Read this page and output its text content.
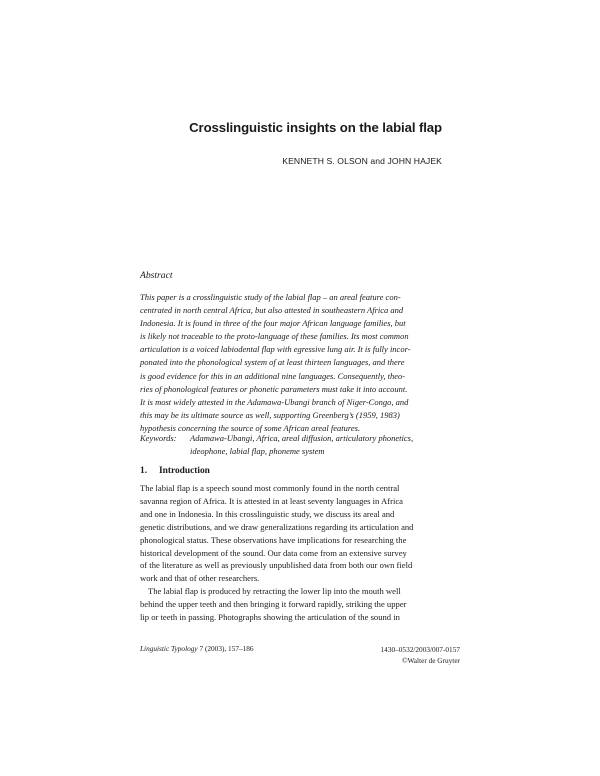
Crosslinguistic insights on the labial flap
KENNETH S. OLSON and JOHN HAJEK
Abstract
This paper is a crosslinguistic study of the labial flap – an areal feature con-
centrated in north central Africa, but also attested in southeastern Africa and
Indonesia. It is found in three of the four major African language families, but
is likely not traceable to the proto-language of these families. Its most common
articulation is a voiced labiodental flap with egressive lung air. It is fully incor-
ponated into the phonological system of at least thirteen languages, and there
is good evidence for this in an additional nine languages. Consequently, theo-
ries of phonological features or phonetic parameters must take it into account.
It is most widely attested in the Adamawa-Ubangi branch of Niger-Congo, and
this may be its ultimate source as well, supporting Greenberg’s (1959, 1983)
hypothesis concerning the source of some African areal features.
Keywords: Adamawa-Ubangi, Africa, areal diffusion, articulatory phonetics,
ideophone, labial flap, phoneme system
1. Introduction
The labial flap is a speech sound most commonly found in the north central
savanna region of Africa. It is attested in at least seventy languages in Africa
and one in Indonesia. In this crosslinguistic study, we discuss its areal and
genetic distributions, and we draw generalizations regarding its articulation and
phonological status. These observations have implications for researching the
historical development of the sound. Our data come from an extensive survey
of the literature as well as previously unpublished data from both our own field
work and that of other researchers.
The labial flap is produced by retracting the lower lip into the mouth well
behind the upper teeth and then bringing it forward rapidly, striking the upper
lip or teeth in passing. Photographs showing the articulation of the sound in
Linguistic Typology 7 (2003), 157–186	1430–0532/2003/007-0157
©Walter de Gruyter
